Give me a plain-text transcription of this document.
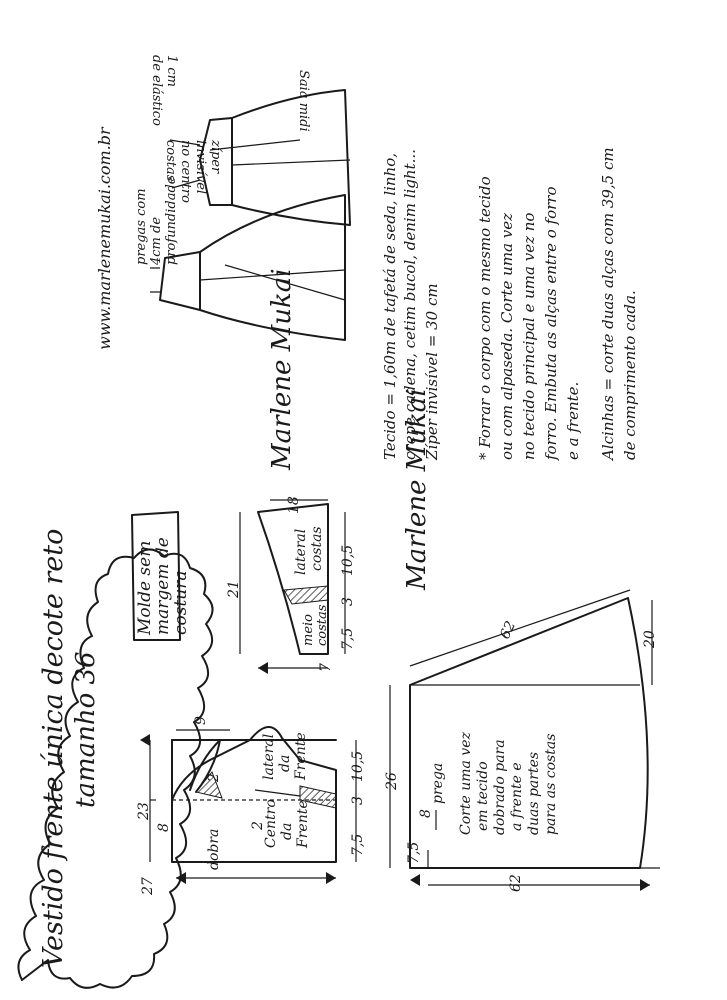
Vestido frente única decote reto tamanho 36
Molde sem
margem de
costura
dobra
Centro da Frente
lateral da Frente
27
23
8
9
2
2
7,5
3
10,5
lateral costas
meio costas
18
21
7,5
3
10,5
7
26
7,5
8
prega
62	20
62
Corte uma vez em tecido dobrado para a frente e duas partes para as costas
pregas com 4cm de profundidade
zíper
invisível
no centro
costas
1 cm
de elástico	Saia midi
www.marlenemukai.com.br
Marlene Mukai
Marlene Mukai
Tecido = 1,60m de tafetá de seda, linho, crepe cadena, cetim bucol, denim light... Zíper invisível = 30 cm * Forrar o corpo com o mesmo tecido ou com alpaseda. Corte uma vez no tecido principal e uma vez no forro. Embuta as alças entre o forro e a frente. Alcinhas = corte duas alças com 39,5 cm de comprimento cada.
